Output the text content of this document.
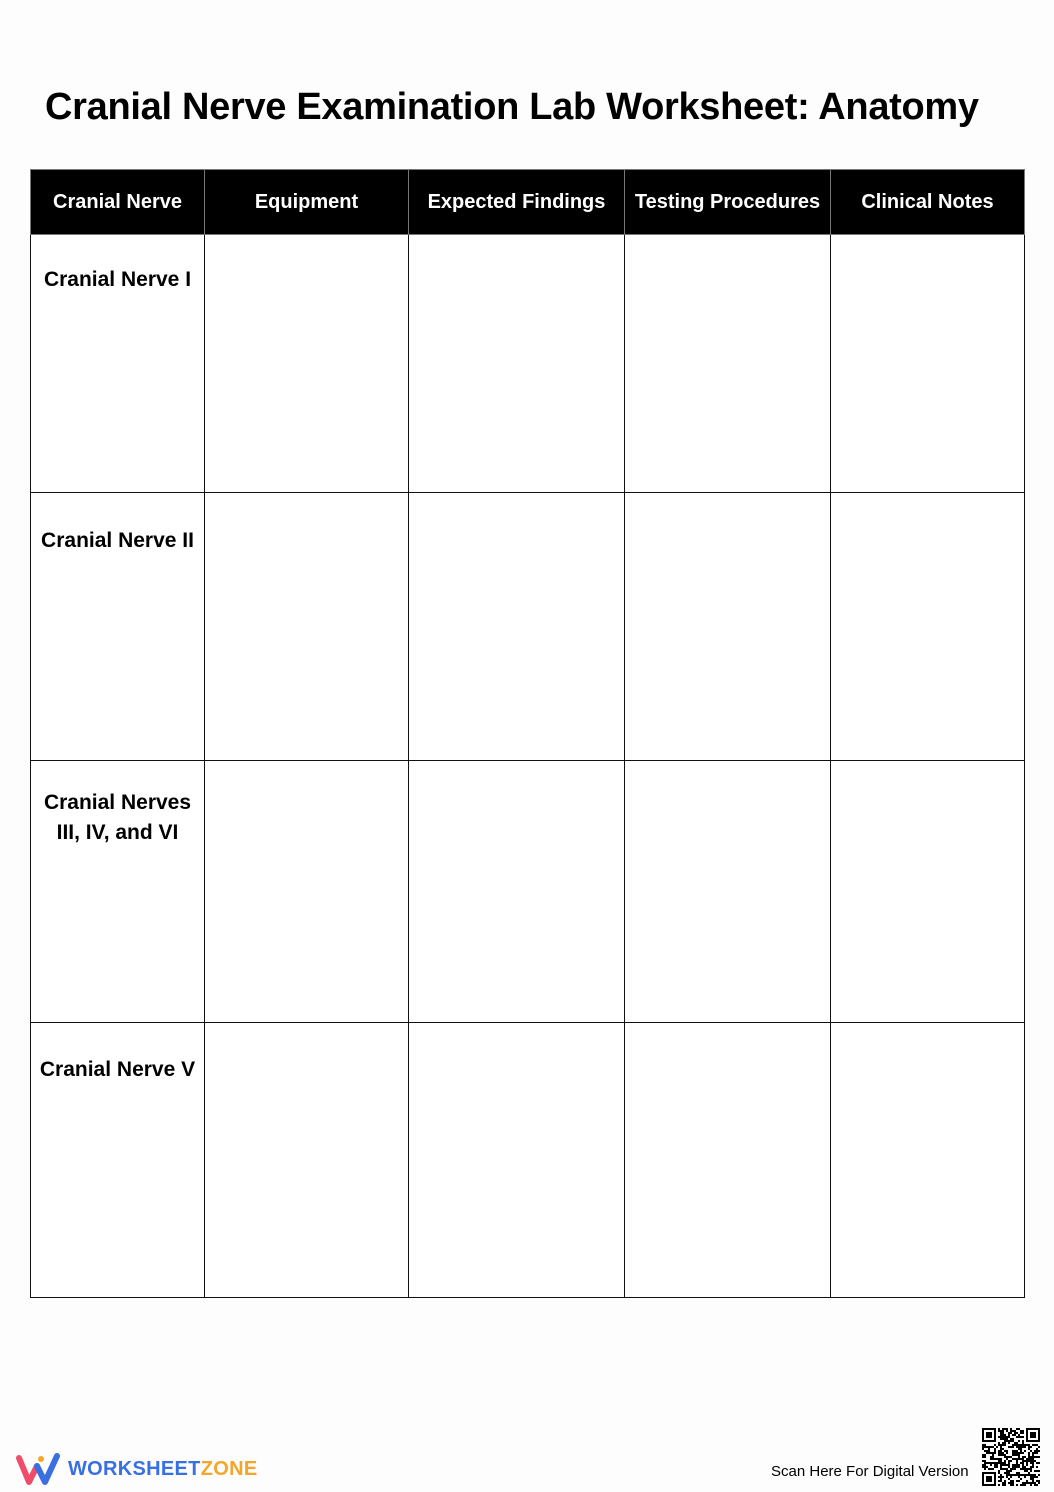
Cranial Nerve Examination Lab Worksheet: Anatomy
Cranial Nerve	Equipment	Expected Findings	Testing Procedures	Clinical Notes

Cranial Nerve I				

Cranial Nerve II				

Cranial Nerves
III, IV, and VI				

Cranial Nerve V				

WORKSHEETZONE	Scan Here For Digital Version
